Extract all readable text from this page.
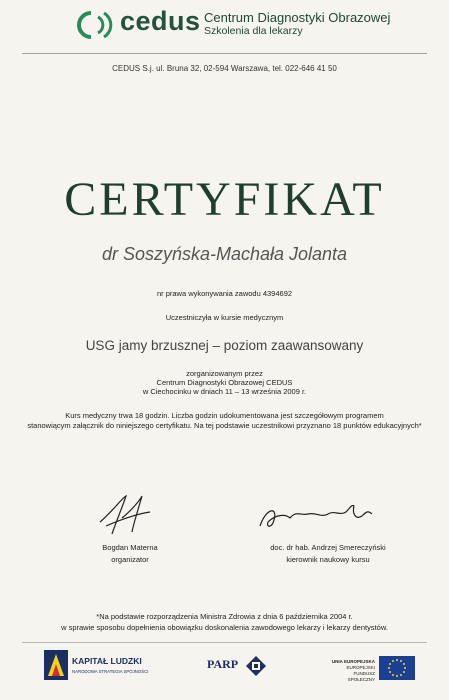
cedus Centrum Diagnostyki Obrazowej
Szkolenia dla lekarzy
CEDUS S.j. ul. Bruna 32, 02-594 Warszawa, tel. 022-646 41 50
CERTYFIKAT
dr Soszyńska-Machała Jolanta
nr prawa wykonywania zawodu 4394692
Uczestniczyła w kursie medycznym
USG jamy brzusznej – poziom zaawansowany
zorganizowanym przez
Centrum Diagnostyki Obrazowej CEDUS
w Ciechocinku w dniach 11 – 13 września 2009 r.
Kurs medyczny trwa 18 godzin. Liczba godzin udokumentowana jest szczegółowym programem
stanowiącym załącznik do niniejszego certyfikatu. Na tej podstawie uczestnikowi przyznano 18 punktów edukacyjnych*
Bogdan Materna
organizator
doc. dr hab. Andrzej Smereczyński
kierownik naukowy kursu
*Na podstawie rozporządzenia Ministra Zdrowia z dnia 6 października 2004 r.
w sprawie sposobu dopełnienia obowiązku doskonalenia zawodowego lekarzy i lekarzy dentystów.
KAPITAŁ LUDZKI
NARODOWA STRATEGIA SPÓJNOŚCI
PARP	UNIA EUROPEJSKA
EUROPEJSKI
FUNDUSZ SPOŁECZNY
